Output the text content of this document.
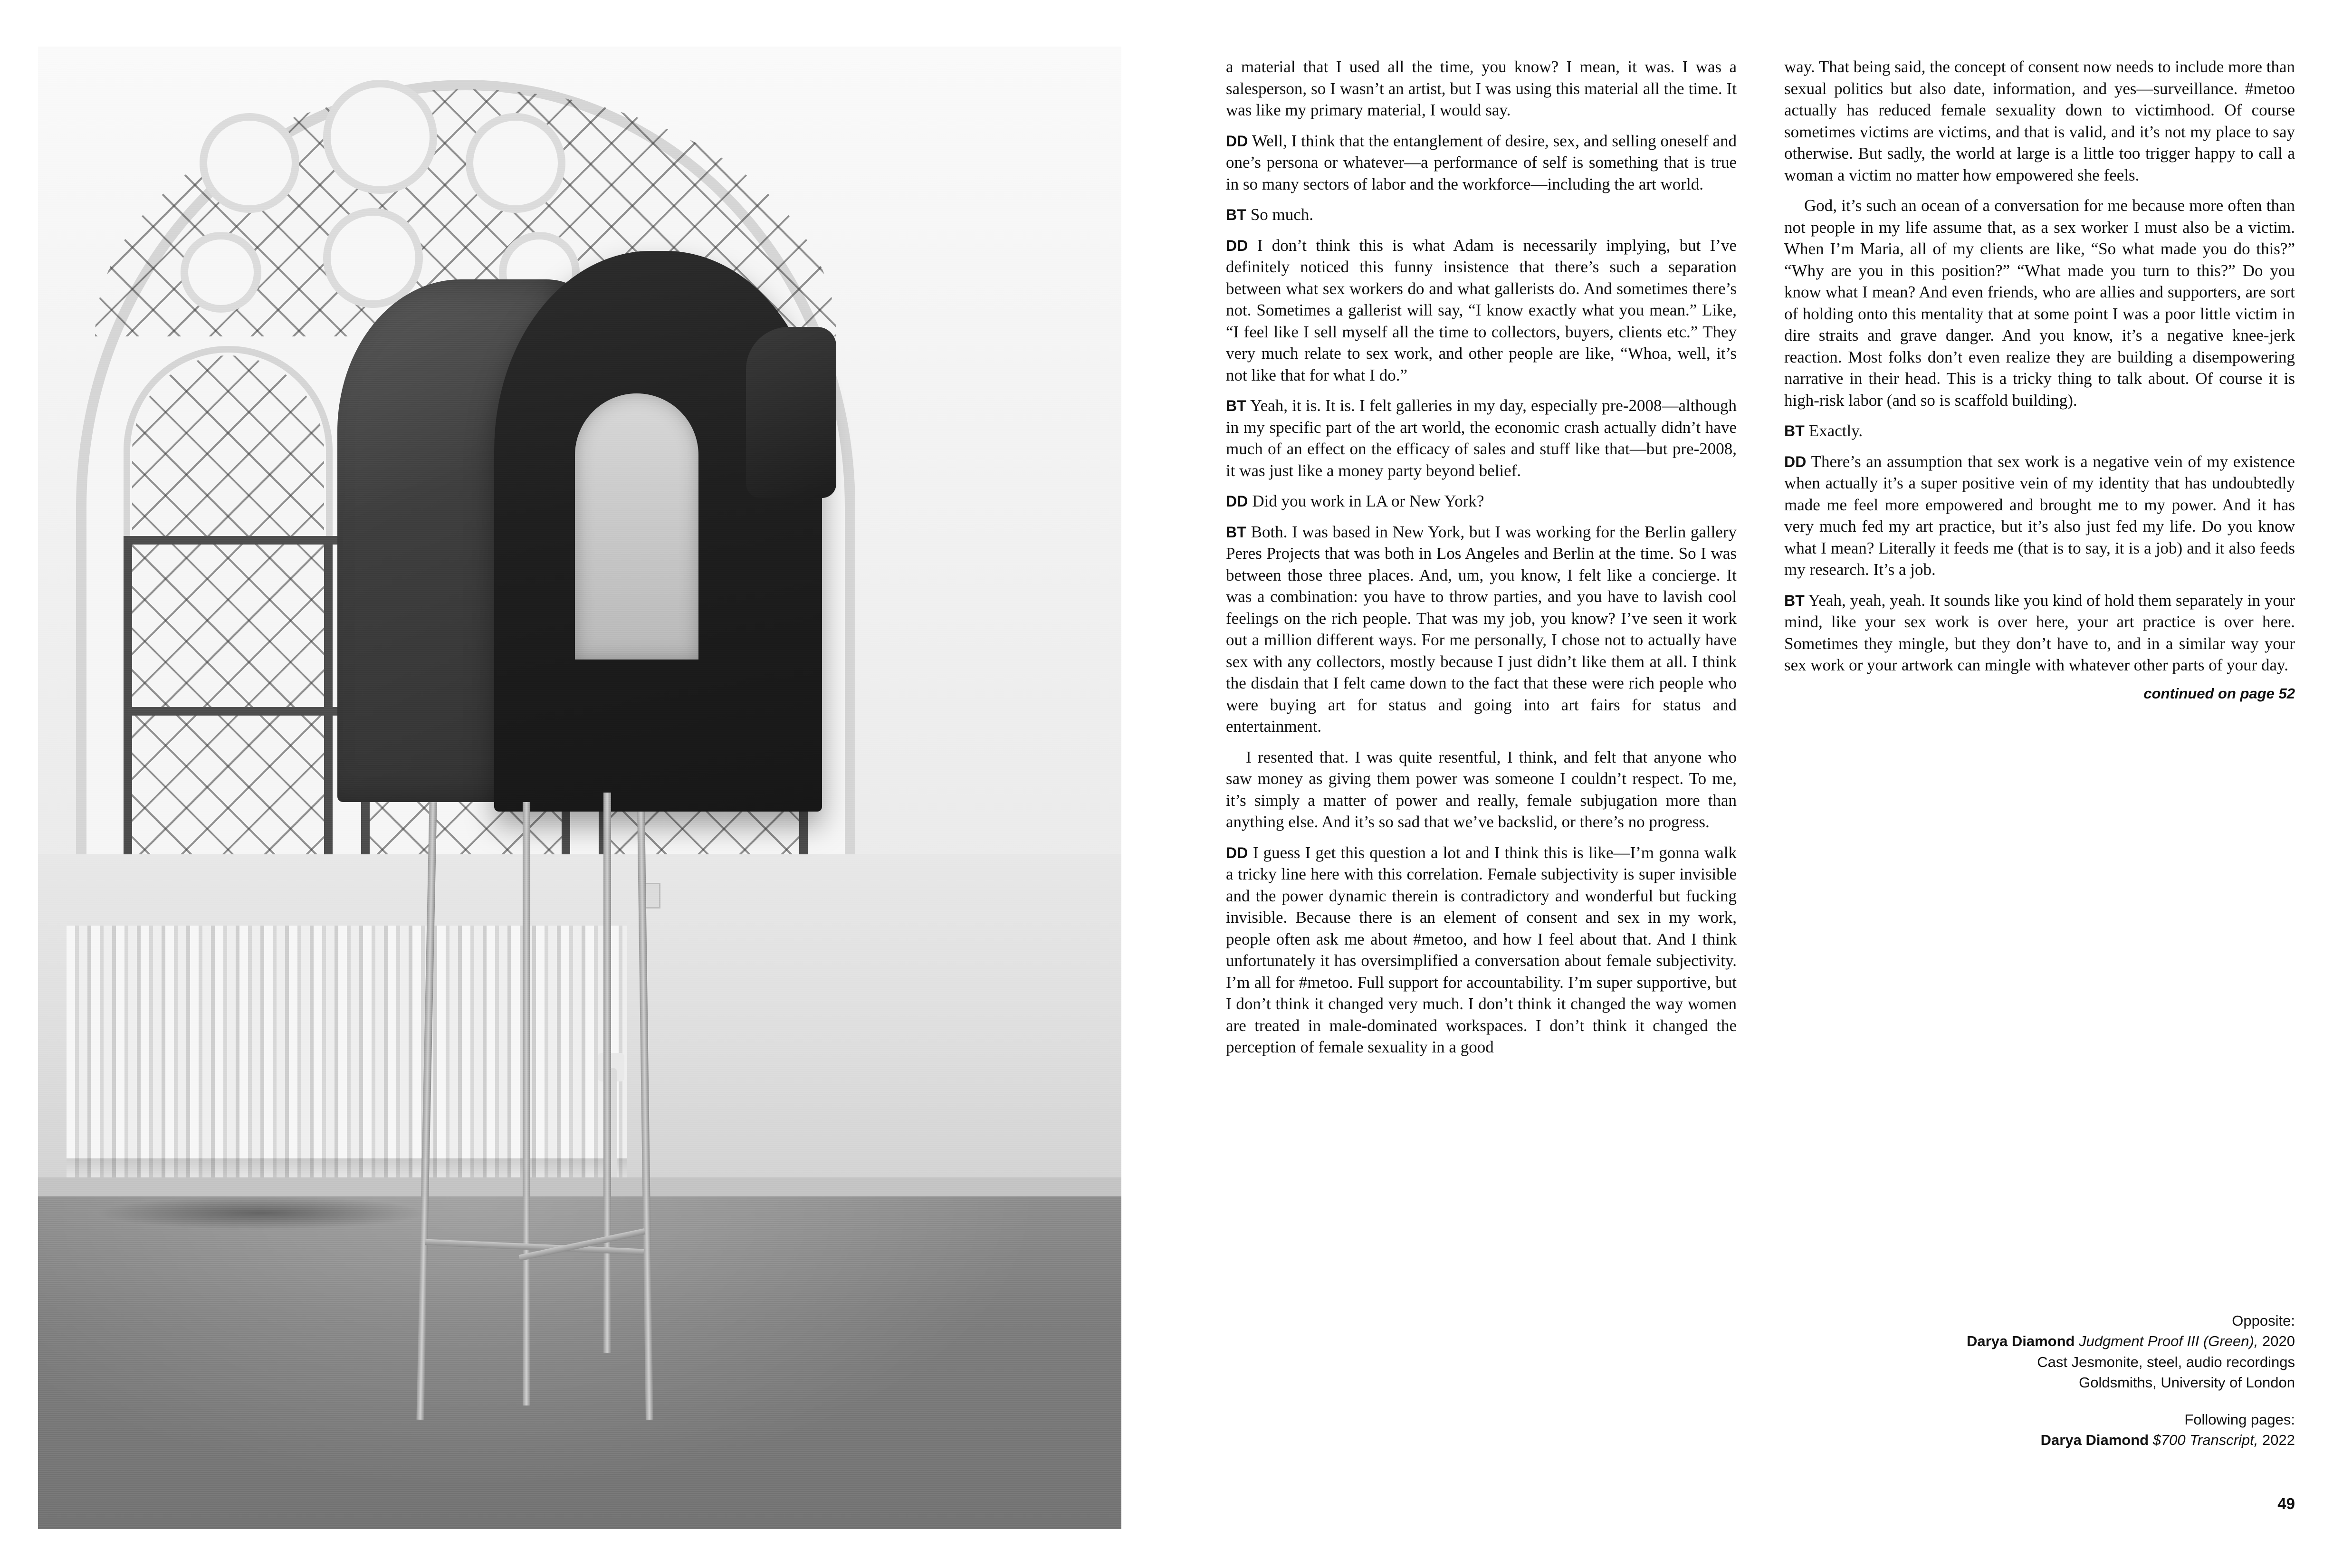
a material that I used all the time, you know? I mean, it was. I was a salesperson, so I wasn’t an artist, but I was using this material all the time. It was like my primary material, I would say.

DD Well, I think that the entanglement of desire, sex, and selling oneself and one’s persona or whatever—a performance of self is something that is true in so many sectors of labor and the workforce—including the art world.

BT So much.

DD I don’t think this is what Adam is necessarily implying, but I’ve definitely noticed this funny insistence that there’s such a separation between what sex workers do and what gallerists do. And sometimes there’s not. Sometimes a gallerist will say, “I know exactly what you mean.” Like, “I feel like I sell myself all the time to collectors, buyers, clients etc.” They very much relate to sex work, and other people are like, “Whoa, well, it’s not like that for what I do.”

BT Yeah, it is. It is. I felt galleries in my day, especially pre-2008—although in my specific part of the art world, the economic crash actually didn’t have much of an effect on the efficacy of sales and stuff like that—but pre-2008, it was just like a money party beyond belief.

DD Did you work in LA or New York?

BT Both. I was based in New York, but I was working for the Berlin gallery Peres Projects that was both in Los Angeles and Berlin at the time. So I was between those three places. And, um, you know, I felt like a concierge. It was a combination: you have to throw parties, and you have to lavish cool feelings on the rich people. That was my job, you know? I’ve seen it work out a million different ways. For me personally, I chose not to actually have sex with any collectors, mostly because I just didn’t like them at all. I think the disdain that I felt came down to the fact that these were rich people who were buying art for status and going into art fairs for status and entertainment.

I resented that. I was quite resentful, I think, and felt that anyone who saw money as giving them power was someone I couldn’t respect. To me, it’s simply a matter of power and really, female subjugation more than anything else. And it’s so sad that we’ve backslid, or there’s no progress.

DD I guess I get this question a lot and I think this is like—I’m gonna walk a tricky line here with this correlation. Female subjectivity is super invisible and the power dynamic therein is contradictory and wonderful but fucking invisible. Because there is an element of consent and sex in my work, people often ask me about #metoo, and how I feel about that. And I think unfortunately it has oversimplified a conversation about female subjectivity. I’m all for #metoo. Full support for accountability. I’m super supportive, but I don’t think it changed very much. I don’t think it changed the way women are treated in male-dominated workspaces. I don’t think it changed the perception of female sexuality in a good

way. That being said, the concept of consent now needs to include more than sexual politics but also date, information, and yes—surveillance. #metoo actually has reduced female sexuality down to victimhood. Of course sometimes victims are victims, and that is valid, and it’s not my place to say otherwise. But sadly, the world at large is a little too trigger happy to call a woman a victim no matter how empowered she feels.

God, it’s such an ocean of a conversation for me because more often than not people in my life assume that, as a sex worker I must also be a victim. When I’m Maria, all of my clients are like, “So what made you do this?” “Why are you in this position?” “What made you turn to this?” Do you know what I mean? And even friends, who are allies and supporters, are sort of holding onto this mentality that at some point I was a poor little victim in dire straits and grave danger. And you know, it’s a negative knee-jerk reaction. Most folks don’t even realize they are building a disempowering narrative in their head. This is a tricky thing to talk about. Of course it is high-risk labor (and so is scaffold building).

BT Exactly.

DD There’s an assumption that sex work is a negative vein of my existence when actually it’s a super positive vein of my identity that has undoubtedly made me feel more empowered and brought me to my power. And it has very much fed my art practice, but it’s also just fed my life. Do you know what I mean? Literally it feeds me (that is to say, it is a job) and it also feeds my research. It’s a job.

BT Yeah, yeah, yeah. It sounds like you kind of hold them separately in your mind, like your sex work is over here, your art practice is over here. Sometimes they mingle, but they don’t have to, and in a similar way your sex work or your artwork can mingle with whatever other parts of your day.

continued on page 52
Opposite:
Darya Diamond Judgment Proof III (Green), 2020
Cast Jesmonite, steel, audio recordings
Goldsmiths, University of London
Following pages:
Darya Diamond $700 Transcript, 2022
49
